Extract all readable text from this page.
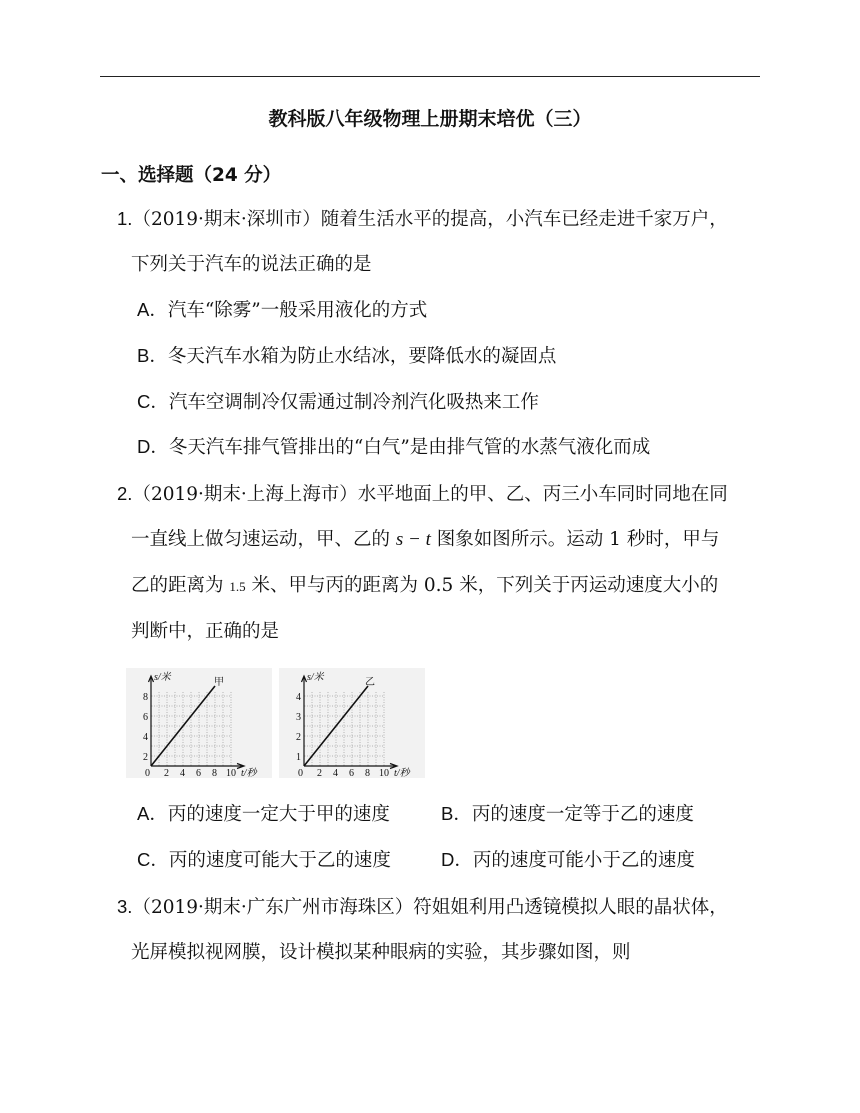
教科版八年级物理上册期末培优（三）
一、选择题（24 分）
1.（2019·期末·深圳市）随着生活水平的提高，小汽车已经走进千家万户，
下列关于汽车的说法正确的是
A．汽车“除雾”一般采用液化的方式
B．冬天汽车水箱为防止水结冰，要降低水的凝固点
C．汽车空调制冷仅需通过制冷剂汽化吸热来工作
D．冬天汽车排气管排出的“白气”是由排气管的水蒸气液化而成
2.（2019·期末·上海上海市）水平地面上的甲、乙、丙三小车同时同地在同
一直线上做匀速运动，甲、乙的 s − t 图象如图所示。运动 1 秒时，甲与
乙的距离为 1.5 米、甲与丙的距离为 0.5 米，下列关于丙运动速度大小的
判断中，正确的是
s/米	甲
8
6
4
2
0 2 4 6 8 10 t/秒
s/米	乙
4
3
2
1
0 2 4 6 8 10 t/秒
A．丙的速度一定大于甲的速度	B．丙的速度一定等于乙的速度
C．丙的速度可能大于乙的速度	D．丙的速度可能小于乙的速度
3.（2019·期末·广东广州市海珠区）符姐姐利用凸透镜模拟人眼的晶状体，
光屏模拟视网膜，设计模拟某种眼病的实验，其步骤如图，则
